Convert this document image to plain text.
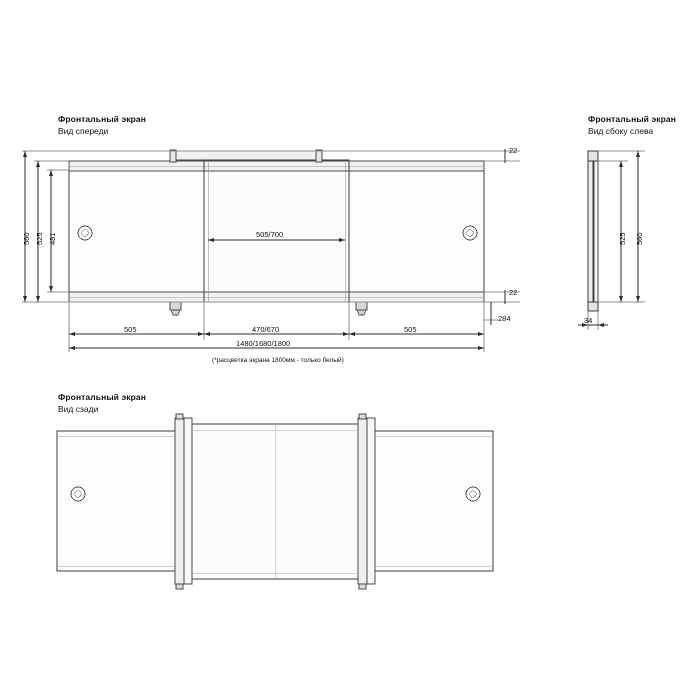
Фронтальный экран
Вид спереди
560 525 481
505	470/670	505
1480/1680/1800
(*расцветка экрана 1800мм - только белый)
505/700
22
22
284
Фронтальный экран
Вид сбоку слева
525 560
34
Фронтальный экран
Вид сзади
